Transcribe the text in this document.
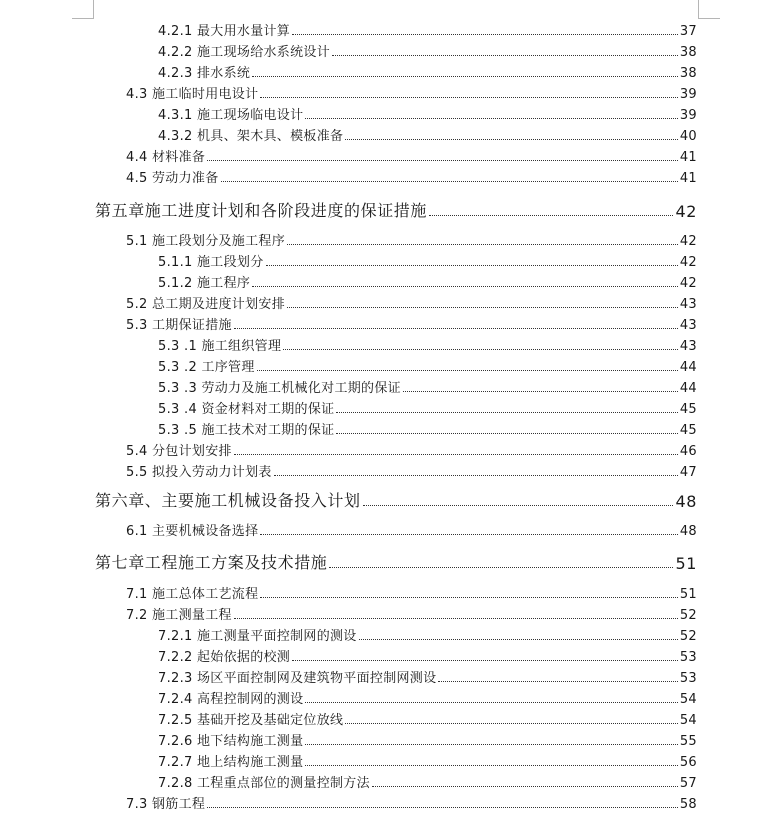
4.2.1 最大用水量计算	37
4.2.2 施工现场给水系统设计	38
4.2.3 排水系统	38
4.3 施工临时用电设计	39
4.3.1 施工现场临电设计	39
4.3.2 机具、架木具、模板准备	40
4.4 材料准备	41
4.5 劳动力准备	41
第五章施工进度计划和各阶段进度的保证措施	42
5.1 施工段划分及施工程序	42
5.1.1 施工段划分	42
5.1.2 施工程序	42
5.2 总工期及进度计划安排	43
5.3 工期保证措施	43
5.3 .1 施工组织管理	43
5.3 .2 工序管理	44
5.3 .3 劳动力及施工机械化对工期的保证	44
5.3 .4 资金材料对工期的保证	45
5.3 .5 施工技术对工期的保证	45
5.4 分包计划安排	46
5.5 拟投入劳动力计划表	47
第六章、主要施工机械设备投入计划	48
6.1 主要机械设备选择	48
第七章工程施工方案及技术措施	51
7.1 施工总体工艺流程	51
7.2 施工测量工程	52
7.2.1 施工测量平面控制网的测设	52
7.2.2 起始依据的校测	53
7.2.3 场区平面控制网及建筑物平面控制网测设	53
7.2.4 高程控制网的测设	54
7.2.5 基础开挖及基础定位放线	54
7.2.6 地下结构施工测量	55
7.2.7 地上结构施工测量	56
7.2.8 工程重点部位的测量控制方法	57
7.3 钢筋工程	58
